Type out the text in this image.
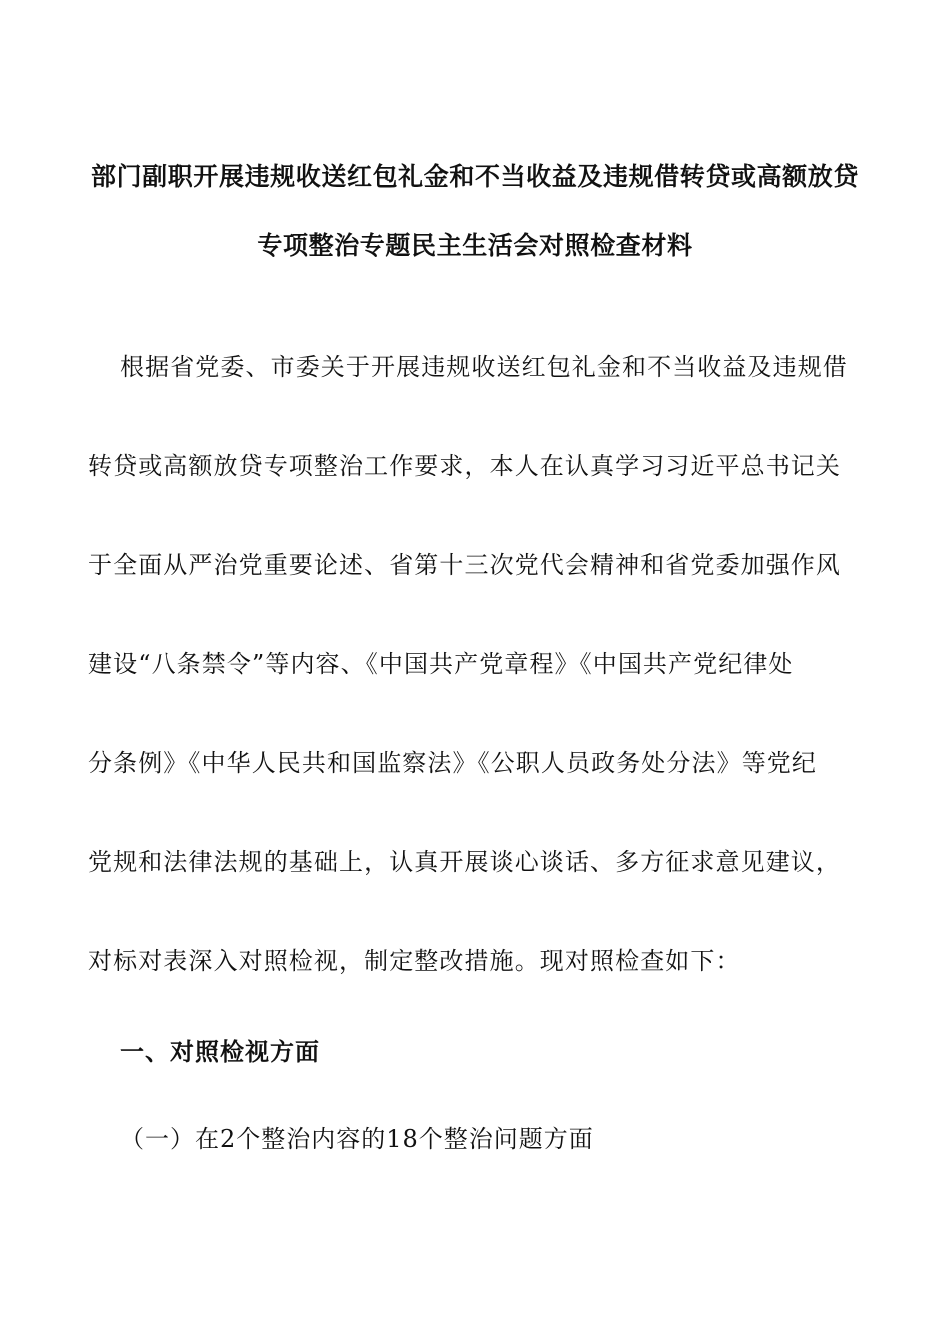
部门副职开展违规收送红包礼金和不当收益及违规借转贷或高额放贷
专项整治专题民主生活会对照检查材料
根据省党委、市委关于开展违规收送红包礼金和不当收益及违规借
转贷或高额放贷专项整治工作要求，本人在认真学习习近平总书记关
于全面从严治党重要论述、省第十三次党代会精神和省党委加强作风
建设“八条禁令”等内容、《中国共产党章程》《中国共产党纪律处
分条例》《中华人民共和国监察法》《公职人员政务处分法》等党纪
党规和法律法规的基础上，认真开展谈心谈话、多方征求意见建议，
对标对表深入对照检视，制定整改措施。现对照检查如下：
一、对照检视方面
（一）在2个整治内容的18个整治问题方面
